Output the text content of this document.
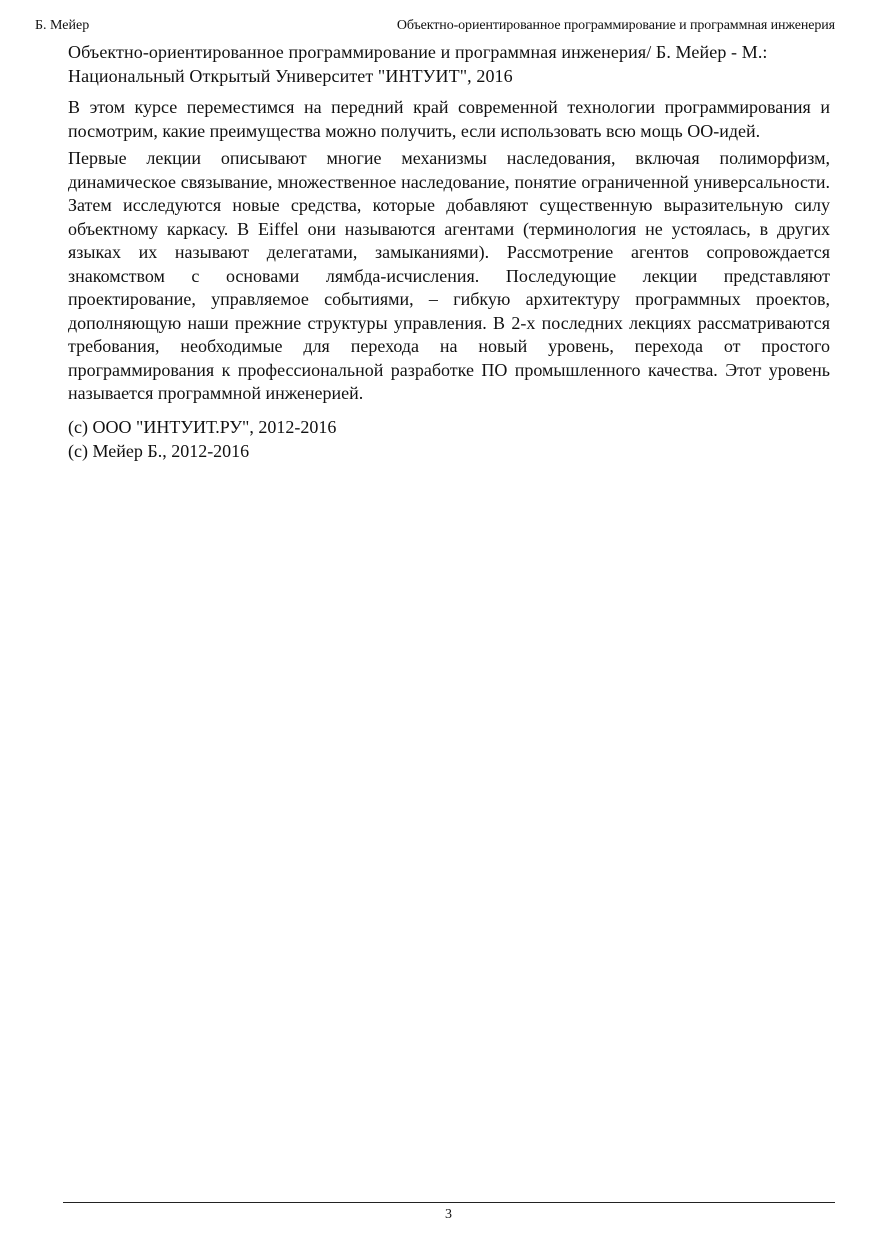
Б. Мейер	Объектно-ориентированное программирование и программная инженерия

Объектно-ориентированное программирование и программная инженерия/ Б. Мейер - М.: Национальный Открытый Университет "ИНТУИТ", 2016

В этом курсе переместимся на передний край современной технологии программирования и посмотрим, какие преимущества можно получить, если использовать всю мощь ОО-идей.

Первые лекции описывают многие механизмы наследования, включая полиморфизм, динамическое связывание, множественное наследование, понятие ограниченной универсальности. Затем исследуются новые средства, которые добавляют существенную выразительную силу объектному каркасу. В Eiffel они называются агентами (терминология не устоялась, в других языках их называют делегатами, замыканиями). Рассмотрение агентов сопровождается знакомством с основами лямбда-исчисления. Последующие лекции представляют проектирование, управляемое событиями, – гибкую архитектуру программных проектов, дополняющую наши прежние структуры управления. В 2-х последних лекциях рассматриваются требования, необходимые для перехода на новый уровень, перехода от простого программирования к профессиональной разработке ПО промышленного качества. Этот уровень называется программной инженерией.

(c) ООО "ИНТУИТ.РУ", 2012-2016

(c) Мейер Б., 2012-2016

3
